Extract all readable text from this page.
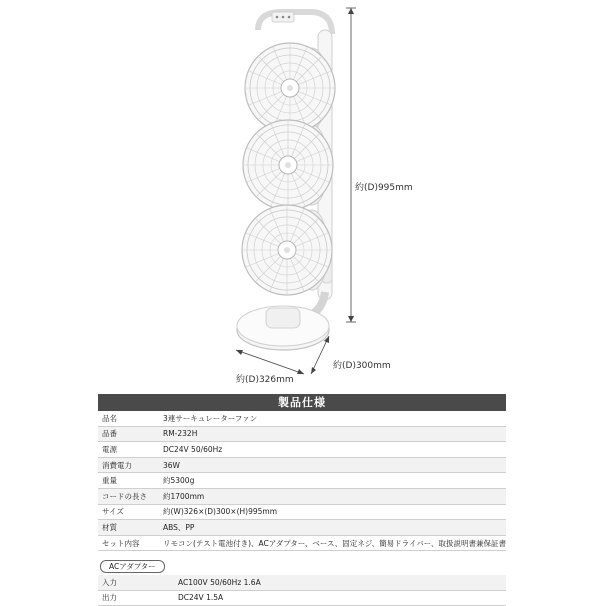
約(D)995mm
約(D)300mm
約(D)326mm
製品仕様
品名	3連サーキュレーターファン
品番	RM-232H
電源	DC24V 50/60Hz
消費電力	36W
重量	約5300g
コードの長さ	約1700mm
サイズ	約(W)326×(D)300×(H)995mm
材質	ABS、PP
セット内容	リモコン(テスト電池付き)、ACアダプター、ベース、固定ネジ、簡易ドライバー、取扱説明書兼保証書
ACアダプター
入力	AC100V 50/60Hz 1.6A
出力	DC24V 1.5A
